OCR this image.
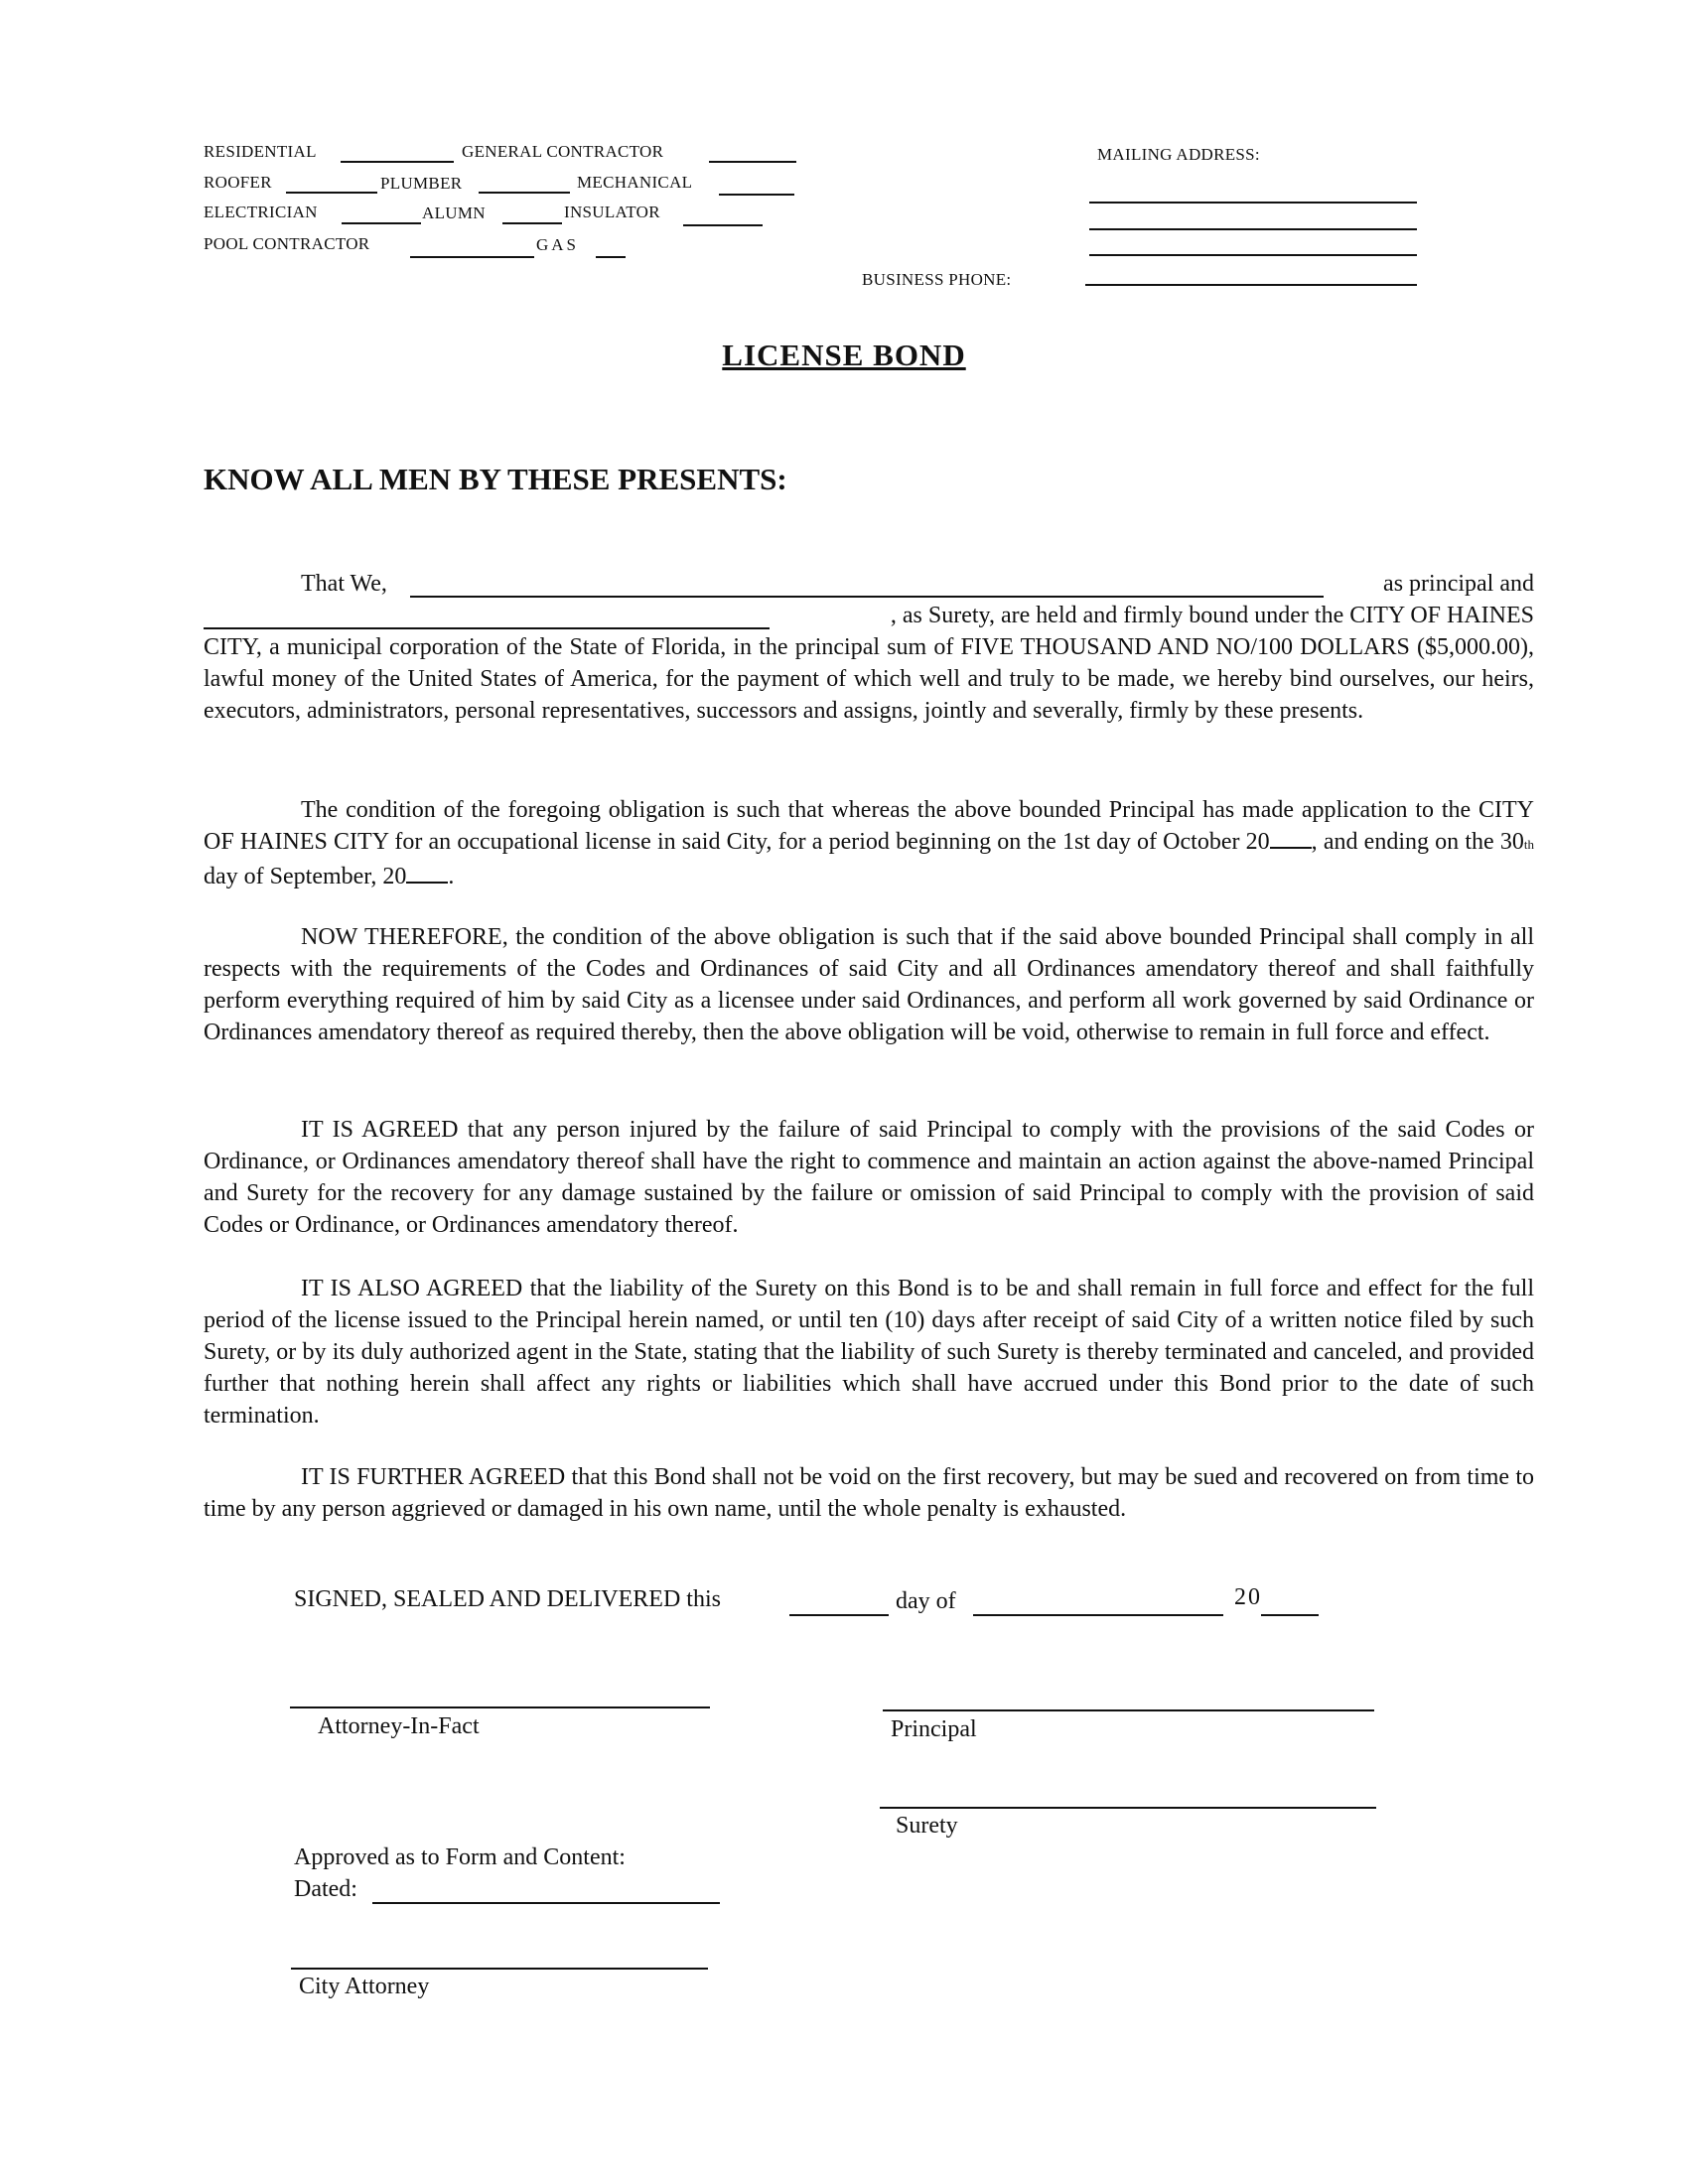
RESIDENTIAL	GENERAL CONTRACTOR
ROOFER	PLUMBER	MECHANICAL
ELECTRICIAN	ALUMN	INSULATOR
POOL CONTRACTOR	GAS
MAILING ADDRESS:
BUSINESS PHONE:
LICENSE BOND
KNOW ALL MEN BY THESE PRESENTS:
That We,	as principal and
, as Surety, are held and firmly bound under the CITY OF HAINES

CITY, a municipal corporation of the State of Florida, in the principal sum of FIVE THOUSAND AND NO/100 DOLLARS ($5,000.00), lawful money of the United States of America, for the payment of which well and truly to be made, we hereby bind ourselves, our heirs, executors, administrators, personal representatives, successors and assigns, jointly and severally, firmly by these presents.

The condition of the foregoing obligation is such that whereas the above bounded Principal has made application to the CITY OF HAINES CITY for an occupational license in said City, for a period beginning on the 1st day of October 20 , and ending on the 30th day of September, 20 .

NOW THEREFORE, the condition of the above obligation is such that if the said above bounded Principal shall comply in all respects with the requirements of the Codes and Ordinances of said City and all Ordinances amendatory thereof and shall faithfully perform everything required of him by said City as a licensee under said Ordinances, and perform all work governed by said Ordinance or Ordinances amendatory thereof as required thereby, then the above obligation will be void, otherwise to remain in full force and effect.

IT IS AGREED that any person injured by the failure of said Principal to comply with the provisions of the said Codes or Ordinance, or Ordinances amendatory thereof shall have the right to commence and maintain an action against the above-named Principal and Surety for the recovery for any damage sustained by the failure or omission of said Principal to comply with the provision of said Codes or Ordinance, or Ordinances amendatory thereof.

IT IS ALSO AGREED that the liability of the Surety on this Bond is to be and shall remain in full force and effect for the full period of the license issued to the Principal herein named, or until ten (10) days after receipt of said City of a written notice filed by such Surety, or by its duly authorized agent in the State, stating that the liability of such Surety is thereby terminated and canceled, and provided further that nothing herein shall affect any rights or liabilities which shall have accrued under this Bond prior to the date of such termination.

IT IS FURTHER AGREED that this Bond shall not be void on the first recovery, but may be sued and recovered on from time to time by any person aggrieved or damaged in his own name, until the whole penalty is exhausted.

SIGNED, SEALED AND DELIVERED this	day of	20
Attorney-In-Fact	Principal
Surety
Approved as to Form and Content:
Dated:
City Attorney
